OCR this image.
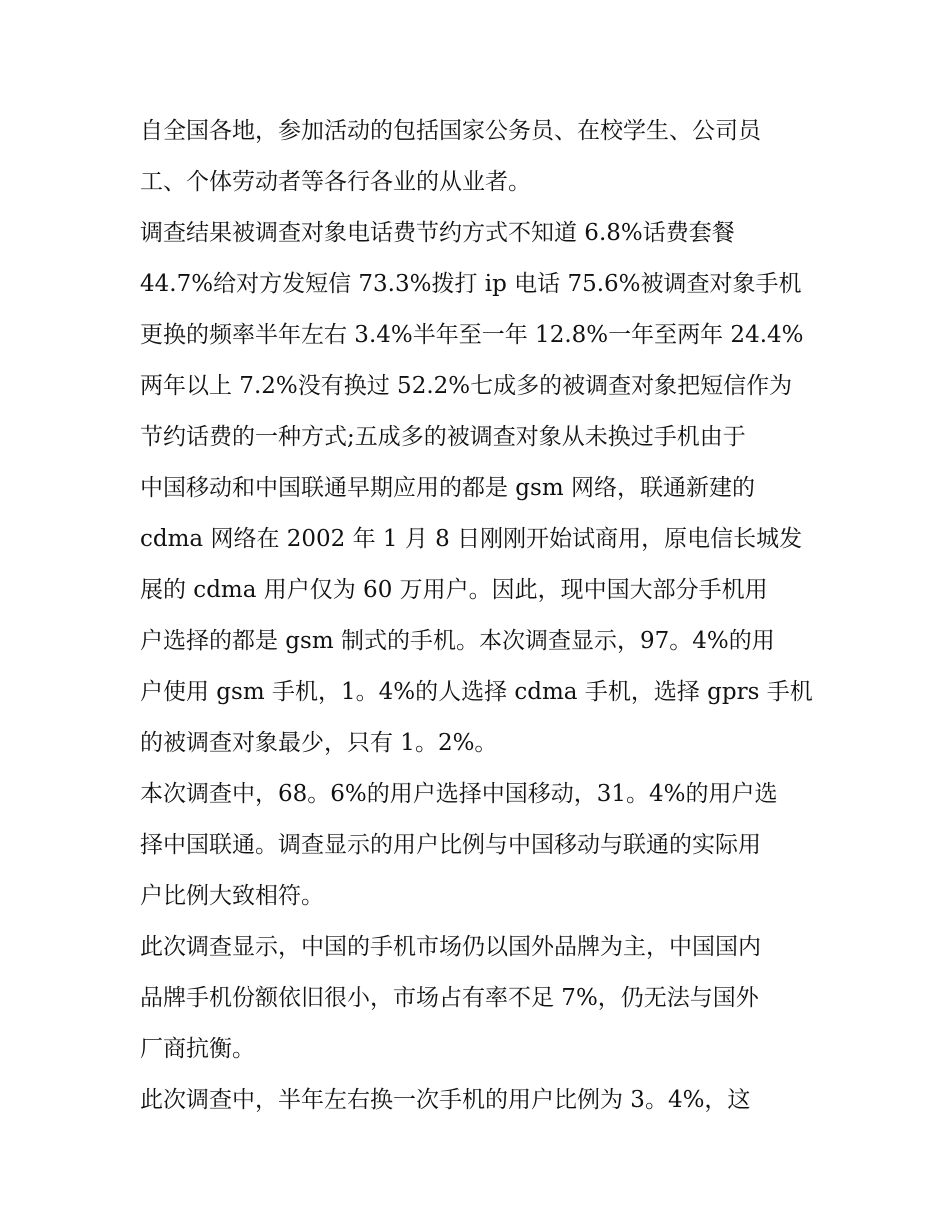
自全国各地，参加活动的包括国家公务员、在校学生、公司员
工、个体劳动者等各行各业的从业者。
调查结果被调查对象电话费节约方式不知道 6.8%话费套餐
44.7%给对方发短信 73.3%拨打 ip 电话 75.6%被调查对象手机
更换的频率半年左右 3.4%半年至一年 12.8%一年至两年 24.4%
两年以上 7.2%没有换过 52.2%七成多的被调查对象把短信作为
节约话费的一种方式;五成多的被调查对象从未换过手机由于
中国移动和中国联通早期应用的都是 gsm 网络，联通新建的
cdma 网络在 2002 年 1 月 8 日刚刚开始试商用，原电信长城发
展的 cdma 用户仅为 60 万用户。因此，现中国大部分手机用
户选择的都是 gsm 制式的手机。本次调查显示，97。4%的用
户使用 gsm 手机，1。4%的人选择 cdma 手机，选择 gprs 手机
的被调查对象最少，只有 1。2%。
本次调查中，68。6%的用户选择中国移动，31。4%的用户选
择中国联通。调查显示的用户比例与中国移动与联通的实际用
户比例大致相符。
此次调查显示，中国的手机市场仍以国外品牌为主，中国国内
品牌手机份额依旧很小，市场占有率不足 7%，仍无法与国外
厂商抗衡。
此次调查中，半年左右换一次手机的用户比例为 3。4%，这
